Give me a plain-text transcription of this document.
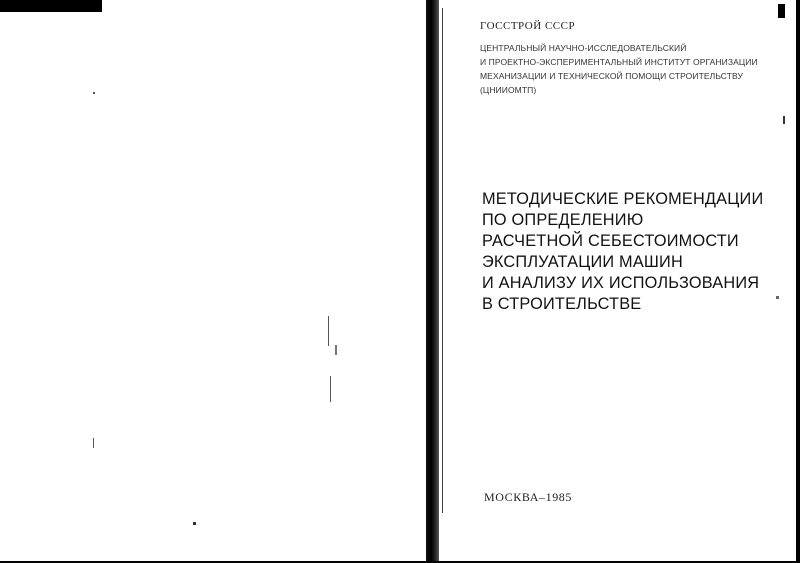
ГОССТРОЙ СССР
ЦЕНТРАЛЬНЫЙ НАУЧНО-ИССЛЕДОВАТЕЛЬСКИЙ
И ПРОЕКТНО-ЭКСПЕРИМЕНТАЛЬНЫЙ ИНСТИТУТ ОРГАНИЗАЦИИ
МЕХАНИЗАЦИИ И ТЕХНИЧЕСКОЙ ПОМОЩИ СТРОИТЕЛЬСТВУ
(ЦНИИОМТП)
МЕТОДИЧЕСКИЕ РЕКОМЕНДАЦИИ
ПО ОПРЕДЕЛЕНИЮ
РАСЧЕТНОЙ СЕБЕСТОИМОСТИ
ЭКСПЛУАТАЦИИ МАШИН
И АНАЛИЗУ ИХ ИСПОЛЬЗОВАНИЯ
В СТРОИТЕЛЬСТВЕ
МОСКВА–1985
